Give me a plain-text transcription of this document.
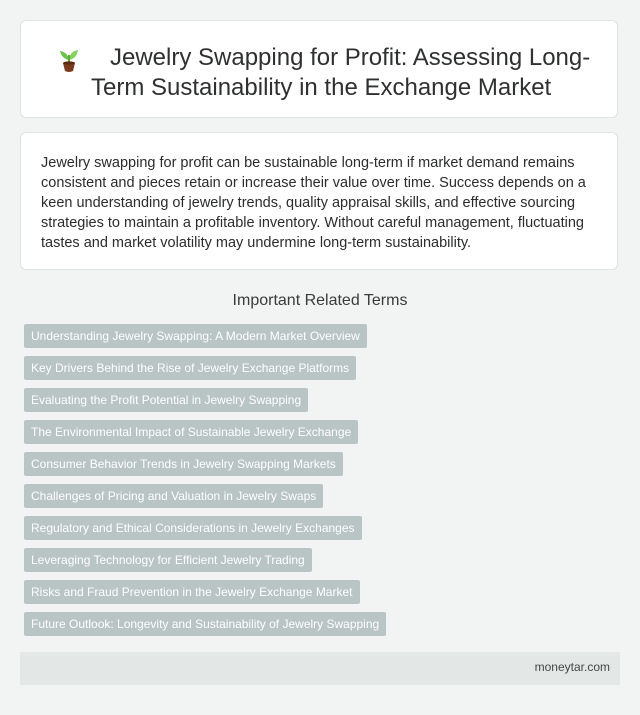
Jewelry Swapping for Profit: Assessing Long-Term Sustainability in the Exchange Market

Jewelry swapping for profit can be sustainable long-term if market demand remains consistent and pieces retain or increase their value over time. Success depends on a keen understanding of jewelry trends, quality appraisal skills, and effective sourcing strategies to maintain a profitable inventory. Without careful management, fluctuating tastes and market volatility may undermine long-term sustainability.

Important Related Terms
Understanding Jewelry Swapping: A Modern Market Overview
Key Drivers Behind the Rise of Jewelry Exchange Platforms
Evaluating the Profit Potential in Jewelry Swapping
The Environmental Impact of Sustainable Jewelry Exchange
Consumer Behavior Trends in Jewelry Swapping Markets
Challenges of Pricing and Valuation in Jewelry Swaps
Regulatory and Ethical Considerations in Jewelry Exchanges
Leveraging Technology for Efficient Jewelry Trading
Risks and Fraud Prevention in the Jewelry Exchange Market
Future Outlook: Longevity and Sustainability of Jewelry Swapping
moneytar.com
